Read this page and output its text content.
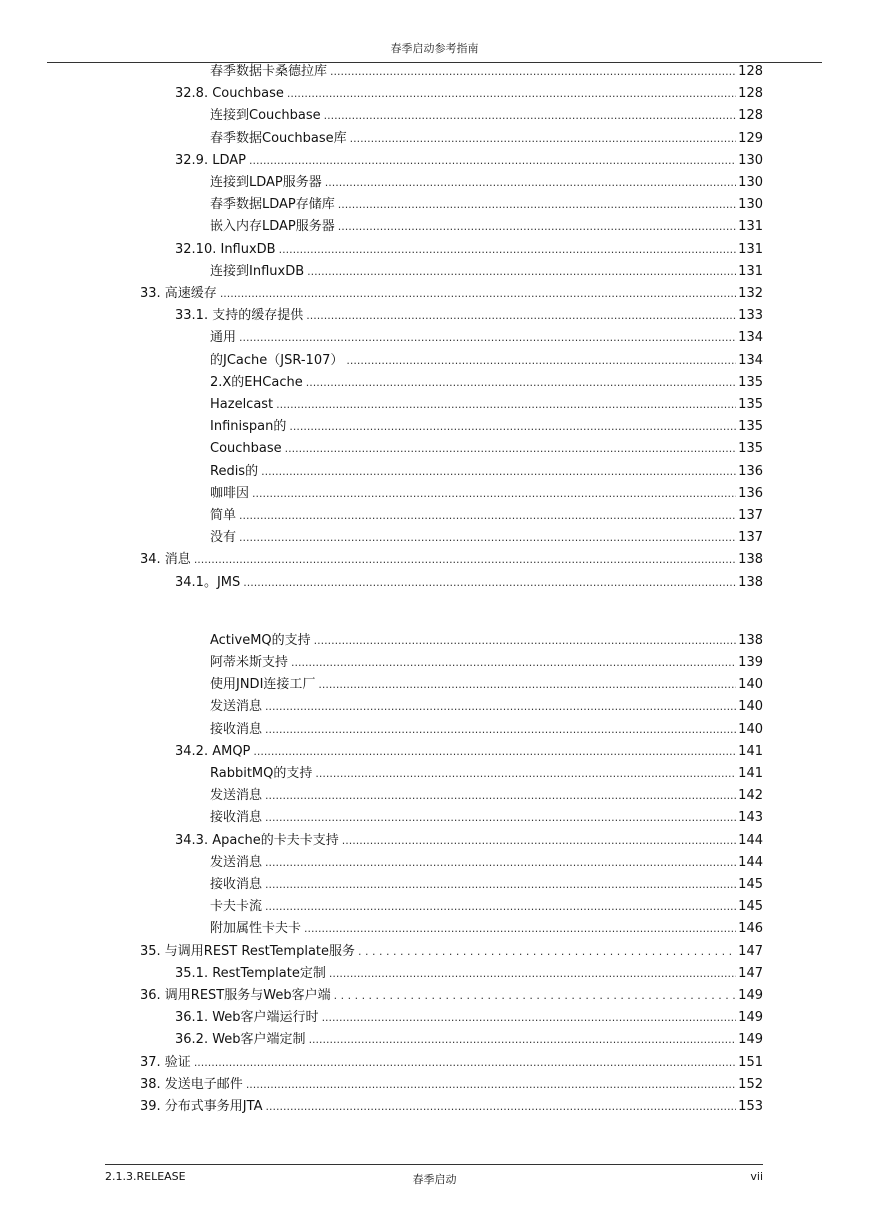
春季启动参考指南
春季数据卡桑德拉库 .....	128
32.8. Couchbase .....	128
连接到Couchbase .....	128
春季数据Couchbase库 .....	129
32.9. LDAP .....	130
连接到LDAP服务器 .....	130
春季数据LDAP存储库 .....	130
嵌入内存LDAP服务器 .....	131
32.10. InfluxDB .....	131
连接到InfluxDB .....	131
33. 高速缓存 .....	132
33.1. 支持的缓存提供 .....	133
通用 .....	134
的JCache（JSR-107） .....	134
2.X的EHCache .....	135
Hazelcast .....	135
Infinispan的 .....	135
Couchbase .....	135
Redis的 .....	136
咖啡因 .....	136
简单 .....	137
没有 .....	137
34. 消息 .....	138
34.1。JMS .....	138
ActiveMQ的支持 .....	138
阿蒂米斯支持 .....	139
使用JNDI连接工厂 .....	140
发送消息 .....	140
接收消息 .....	140
34.2. AMQP .....	141
RabbitMQ的支持 .....	141
发送消息 .....	142
接收消息 .....	143
34.3. Apache的卡夫卡支持 .....	144
发送消息 .....	144
接收消息 .....	145
卡夫卡流 .....	145
附加属性卡夫卡 .....	146
35. 与调用REST RestTemplate服务 . .	147
35.1. RestTemplate定制 .....	147
36. 调用REST服务与Web客户端 . .	149
36.1. Web客户端运行时 .....	149
36.2. Web客户端定制 .....	149
37. 验证 .....	151
38. 发送电子邮件 .....	152
39. 分布式事务用JTA .....	153
2.1.3.RELEASE	春季启动	vii
